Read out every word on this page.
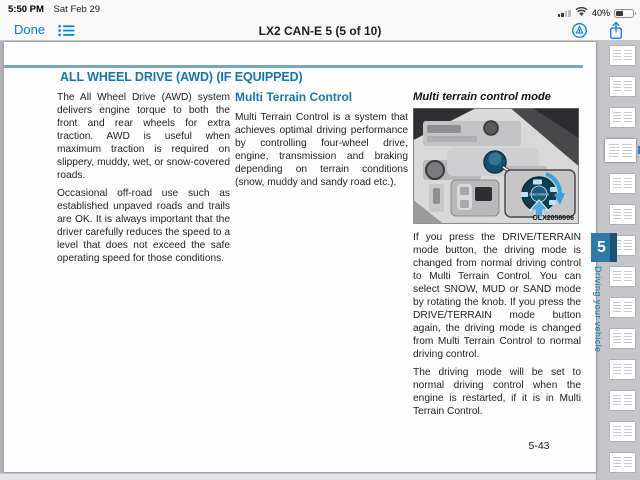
5:50 PM Sat Feb 29	40%
Done	LX2 CAN-E 5 (5 of 10)
ALL WHEEL DRIVE (AWD) (IF EQUIPPED)

The All Wheel Drive (AWD) system delivers engine torque to both the front and rear wheels for extra traction. AWD is useful when maximum traction is required on slippery, muddy, wet, or snow-covered roads.

Occasional off-road use such as established unpaved roads and trails are OK. It is always important that the driver carefully reduces the speed to a level that does not exceed the safe operating speed for those conditions.

Multi Terrain Control

Multi Terrain Control is a system that achieves optimal driving performance by controlling four-wheel drive, engine, transmission and braking depending on terrain conditions (snow, muddy and sandy road etc.).

Multi terrain control mode
DRIVE/TERRAIN
OLX2058006

If you press the DRIVE/TERRAIN mode button, the driving mode is changed from normal driving control to Multi Terrain Control. You can select SNOW, MUD or SAND mode by rotating the knob. If you press the DRIVE/TERRAIN mode button again, the driving mode is changed from Multi Terrain Control to normal driving control.

The driving mode will be set to normal driving control when the engine is restarted, if it is in Multi Terrain Control.

5-43
5
Driving your vehicle
